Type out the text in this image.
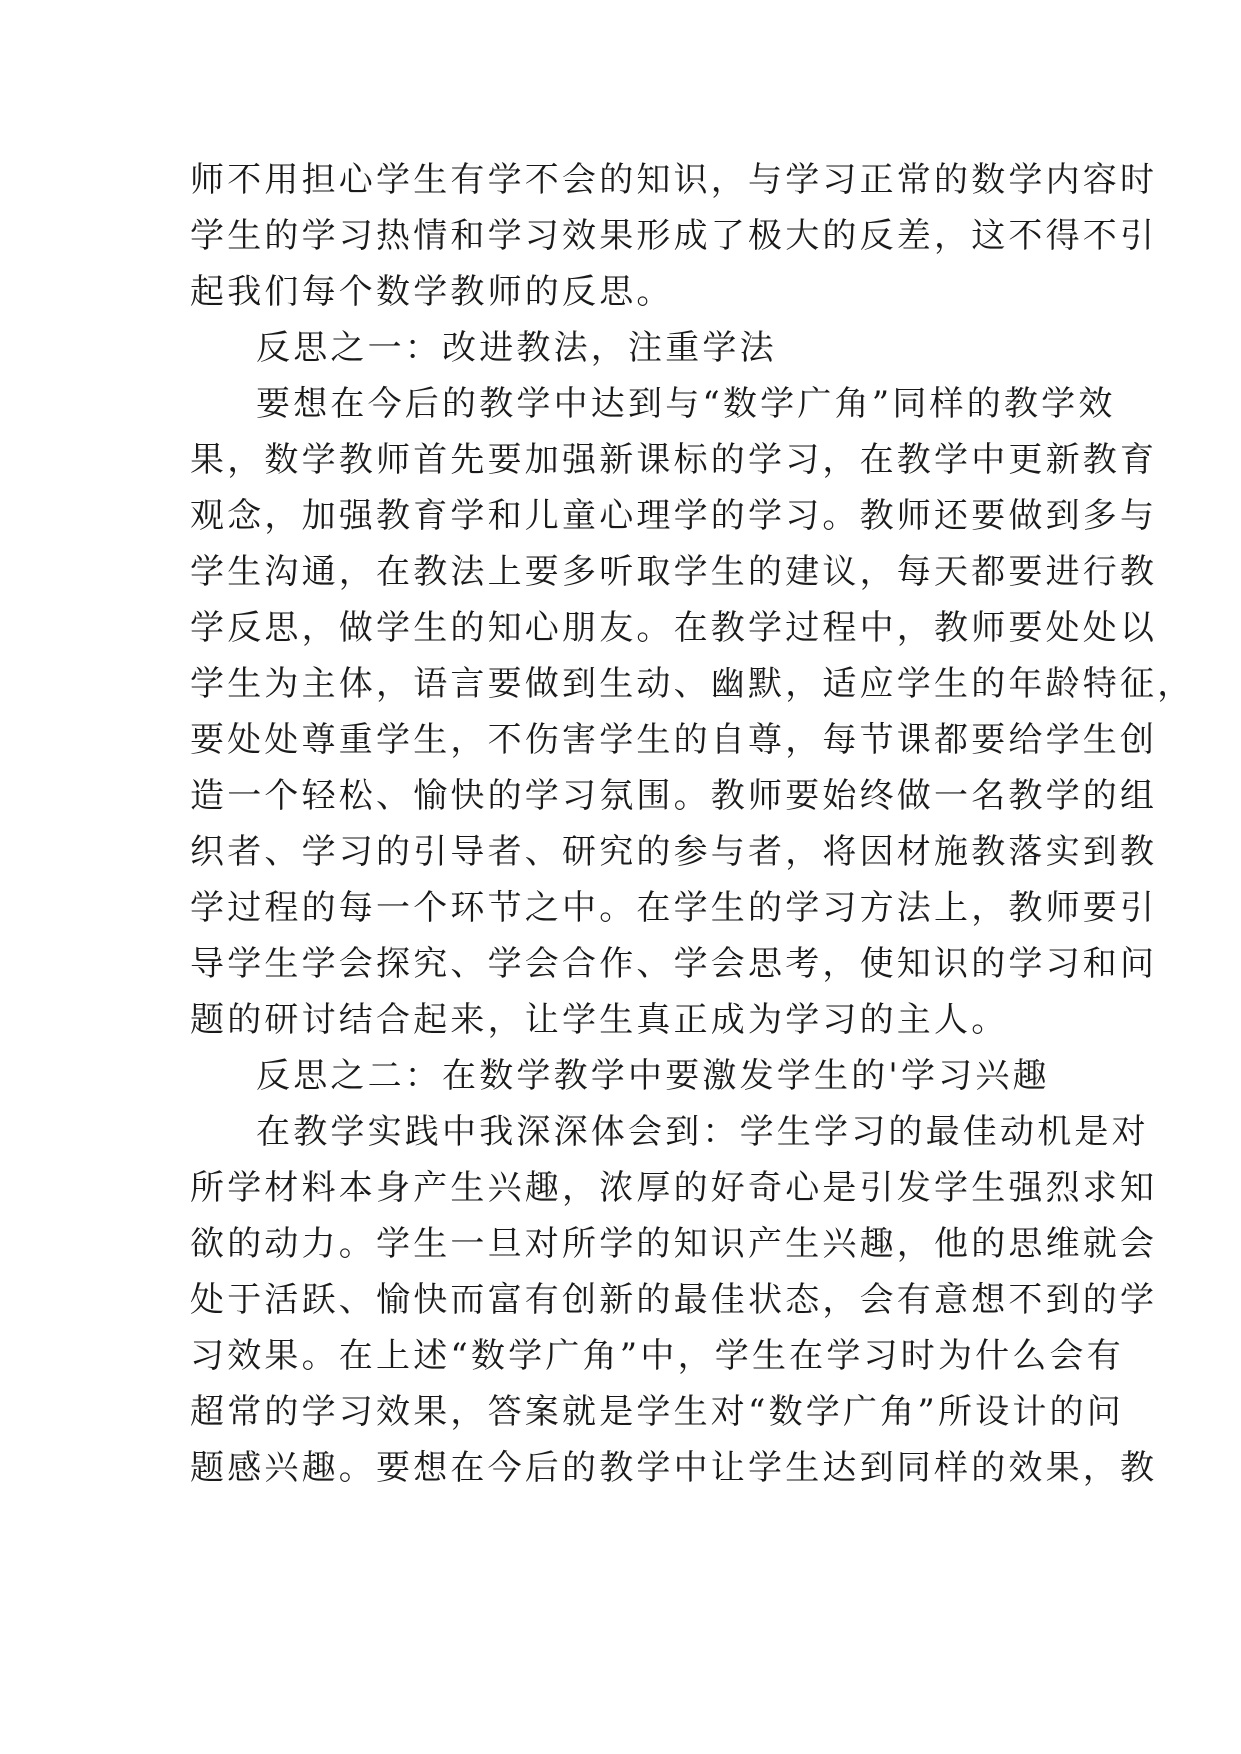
师不用担心学生有学不会的知识，与学习正常的数学内容时
学生的学习热情和学习效果形成了极大的反差，这不得不引
起我们每个数学教师的反思。
反思之一：改进教法，注重学法
要想在今后的教学中达到与“数学广角”同样的教学效
果，数学教师首先要加强新课标的学习，在教学中更新教育
观念，加强教育学和儿童心理学的学习。教师还要做到多与
学生沟通，在教法上要多听取学生的建议，每天都要进行教
学反思，做学生的知心朋友。在教学过程中，教师要处处以
学生为主体，语言要做到生动、幽默，适应学生的年龄特征，
要处处尊重学生，不伤害学生的自尊，每节课都要给学生创
造一个轻松、愉快的学习氛围。教师要始终做一名教学的组
织者、学习的引导者、研究的参与者，将因材施教落实到教
学过程的每一个环节之中。在学生的学习方法上，教师要引
导学生学会探究、学会合作、学会思考，使知识的学习和问
题的研讨结合起来，让学生真正成为学习的主人。
反思之二：在数学教学中要激发学生的'学习兴趣
在教学实践中我深深体会到：学生学习的最佳动机是对
所学材料本身产生兴趣，浓厚的好奇心是引发学生强烈求知
欲的动力。学生一旦对所学的知识产生兴趣，他的思维就会
处于活跃、愉快而富有创新的最佳状态，会有意想不到的学
习效果。在上述“数学广角”中，学生在学习时为什么会有
超常的学习效果，答案就是学生对“数学广角”所设计的问
题感兴趣。要想在今后的教学中让学生达到同样的效果，教
